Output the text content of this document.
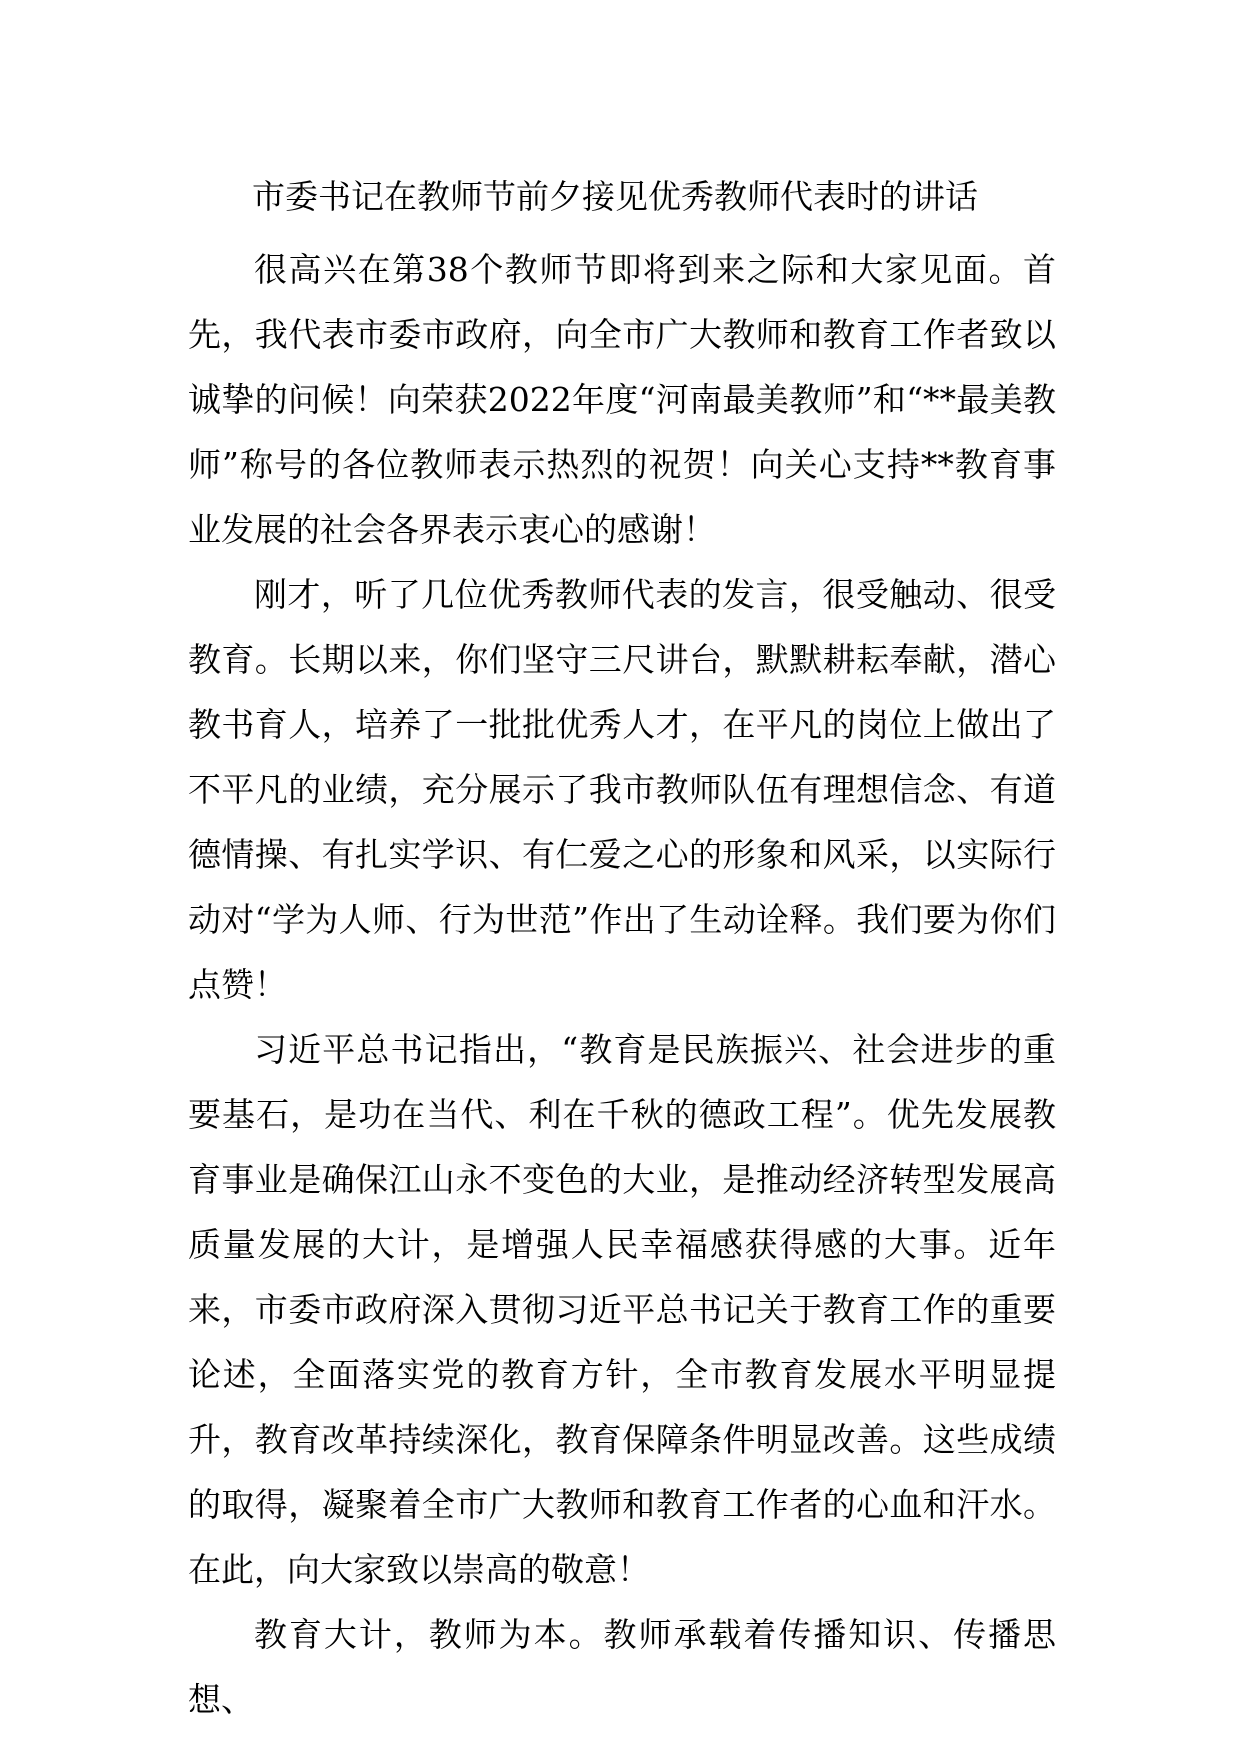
市委书记在教师节前夕接见优秀教师代表时的讲话

很高兴在第38个教师节即将到来之际和大家见面。首先，我代表市委市政府，向全市广大教师和教育工作者致以诚挚的问候！向荣获2022年度“河南最美教师”和“**最美教师”称号的各位教师表示热烈的祝贺！向关心支持**教育事业发展的社会各界表示衷心的感谢！

刚才，听了几位优秀教师代表的发言，很受触动、很受教育。长期以来，你们坚守三尺讲台，默默耕耘奉献，潜心教书育人，培养了一批批优秀人才，在平凡的岗位上做出了不平凡的业绩，充分展示了我市教师队伍有理想信念、有道德情操、有扎实学识、有仁爱之心的形象和风采，以实际行动对“学为人师、行为世范”作出了生动诠释。我们要为你们点赞！

习近平总书记指出，“教育是民族振兴、社会进步的重要基石，是功在当代、利在千秋的德政工程”。优先发展教育事业是确保江山永不变色的大业，是推动经济转型发展高质量发展的大计，是增强人民幸福感获得感的大事。近年来，市委市政府深入贯彻习近平总书记关于教育工作的重要论述，全面落实党的教育方针，全市教育发展水平明显提升，教育改革持续深化，教育保障条件明显改善。这些成绩的取得，凝聚着全市广大教师和教育工作者的心血和汗水。在此，向大家致以崇高的敬意！

教育大计，教师为本。教师承载着传播知识、传播思想、
